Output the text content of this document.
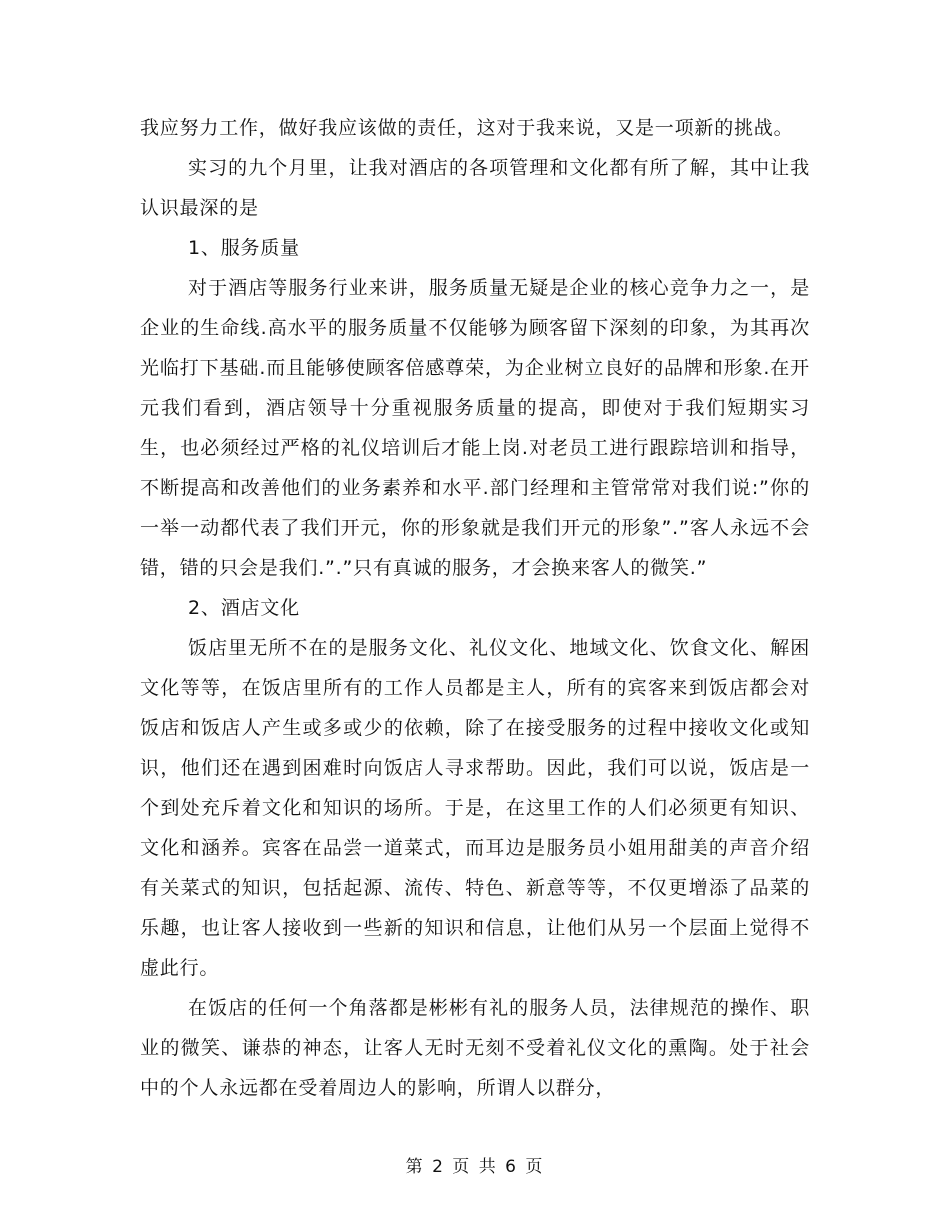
我应努力工作，做好我应该做的责任，这对于我来说，又是一项新的挑战。

实习的九个月里，让我对酒店的各项管理和文化都有所了解，其中让我认识最深的是

1、服务质量

对于酒店等服务行业来讲，服务质量无疑是企业的核心竞争力之一，是企业的生命线.高水平的服务质量不仅能够为顾客留下深刻的印象，为其再次光临打下基础.而且能够使顾客倍感尊荣，为企业树立良好的品牌和形象.在开元我们看到，酒店领导十分重视服务质量的提高，即使对于我们短期实习生，也必须经过严格的礼仪培训后才能上岗.对老员工进行跟踪培训和指导，不断提高和改善他们的业务素养和水平.部门经理和主管常常对我们说:”你的一举一动都代表了我们开元，你的形象就是我们开元的形象”.”客人永远不会错，错的只会是我们.”.”只有真诚的服务，才会换来客人的微笑.”

2、酒店文化

饭店里无所不在的是服务文化、礼仪文化、地域文化、饮食文化、解困文化等等，在饭店里所有的工作人员都是主人，所有的宾客来到饭店都会对饭店和饭店人产生或多或少的依赖，除了在接受服务的过程中接收文化或知识，他们还在遇到困难时向饭店人寻求帮助。因此，我们可以说，饭店是一个到处充斥着文化和知识的场所。于是，在这里工作的人们必须更有知识、文化和涵养。宾客在品尝一道菜式，而耳边是服务员小姐用甜美的声音介绍有关菜式的知识，包括起源、流传、特色、新意等等，不仅更增添了品菜的乐趣，也让客人接收到一些新的知识和信息，让他们从另一个层面上觉得不虚此行。

在饭店的任何一个角落都是彬彬有礼的服务人员，法律规范的操作、职业的微笑、谦恭的神态，让客人无时无刻不受着礼仪文化的熏陶。处于社会中的个人永远都在受着周边人的影响，所谓人以群分，

第 2 页 共 6 页
